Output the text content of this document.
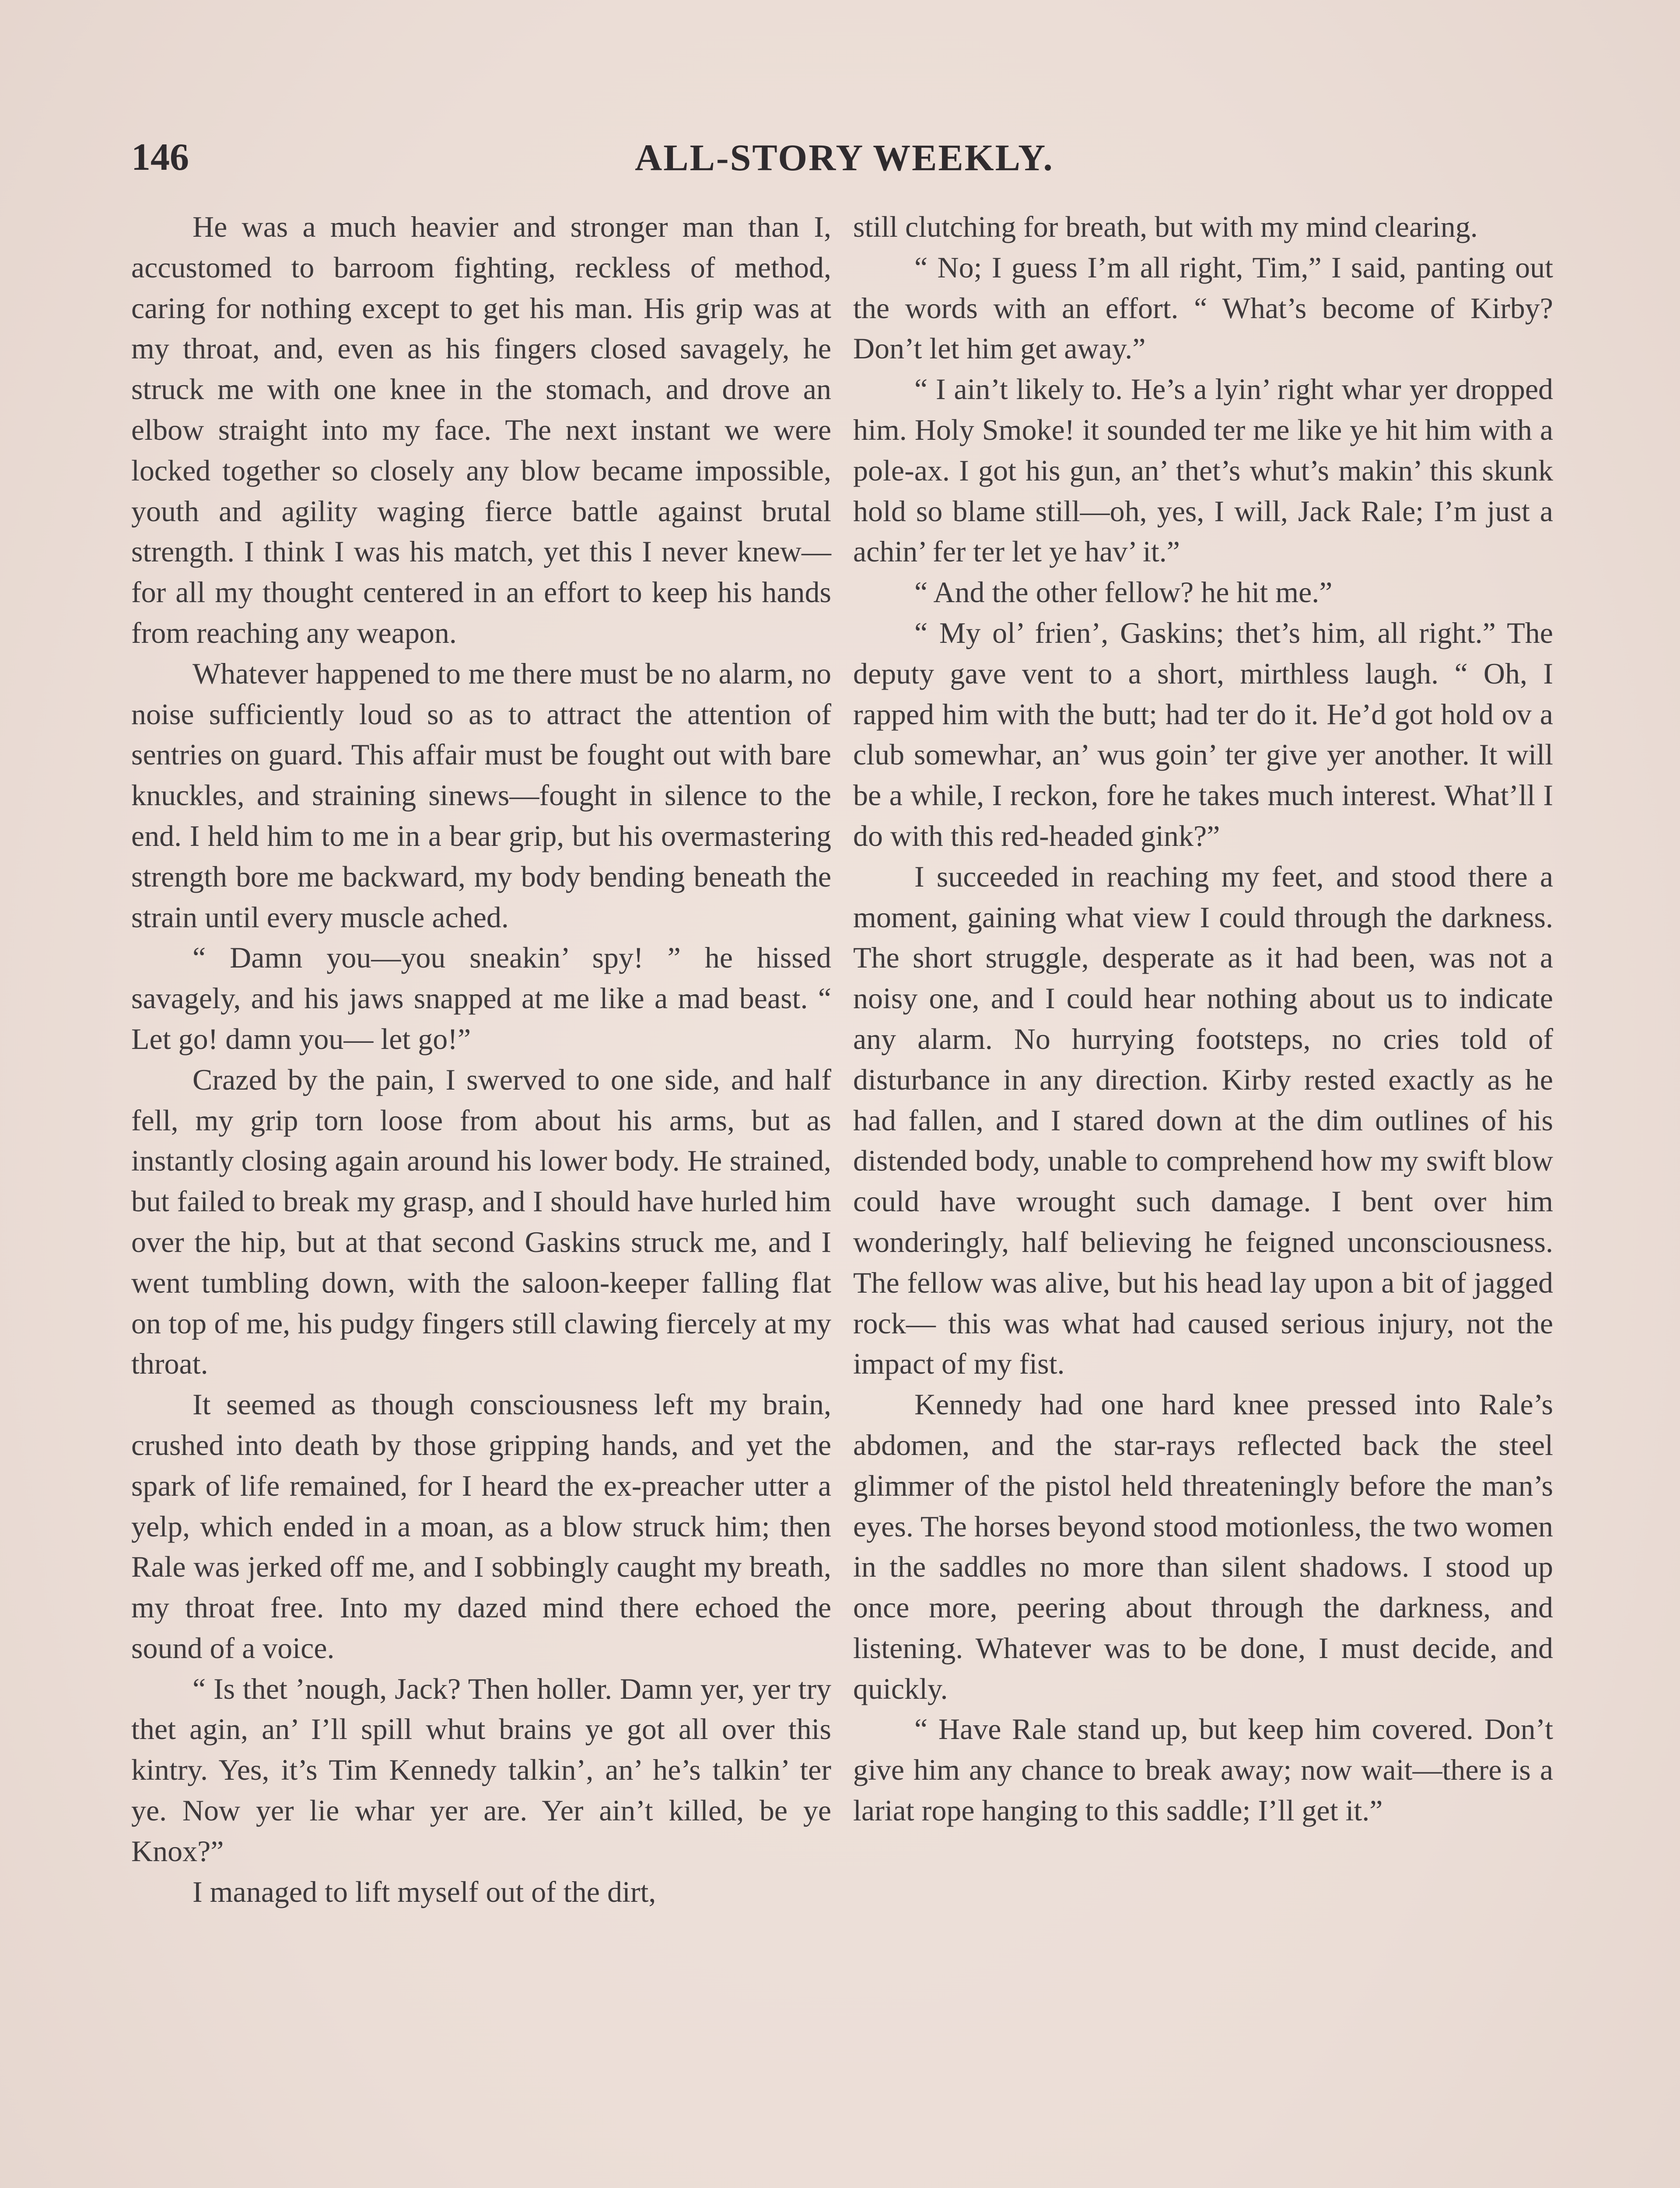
146	ALL-STORY WEEKLY.

He was a much heavier and stronger man than I, accustomed to barroom fighting, reckless of method, caring for nothing except to get his man. His grip was at my throat, and, even as his fingers closed savagely, he struck me with one knee in the stomach, and drove an elbow straight into my face. The next instant we were locked together so closely any blow became impossible, youth and agility waging fierce battle against brutal strength. I think I was his match, yet this I never knew—for all my thought centered in an effort to keep his hands from reaching any weapon.

Whatever happened to me there must be no alarm, no noise sufficiently loud so as to attract the attention of sentries on guard. This affair must be fought out with bare knuckles, and straining sinews—fought in silence to the end. I held him to me in a bear grip, but his overmastering strength bore me backward, my body bending beneath the strain until every muscle ached.

“ Damn you—you sneakin’ spy! ” he hissed savagely, and his jaws snapped at me like a mad beast. “ Let go! damn you— let go!”

Crazed by the pain, I swerved to one side, and half fell, my grip torn loose from about his arms, but as instantly closing again around his lower body. He strained, but failed to break my grasp, and I should have hurled him over the hip, but at that second Gaskins struck me, and I went tumbling down, with the saloon-keeper falling flat on top of me, his pudgy fingers still clawing fiercely at my throat.

It seemed as though consciousness left my brain, crushed into death by those gripping hands, and yet the spark of life remained, for I heard the ex-preacher utter a yelp, which ended in a moan, as a blow struck him; then Rale was jerked off me, and I sobbingly caught my breath, my throat free. Into my dazed mind there echoed the sound of a voice.

“ Is thet ’nough, Jack? Then holler. Damn yer, yer try thet agin, an’ I’ll spill whut brains ye got all over this kintry. Yes, it’s Tim Kennedy talkin’, an’ he’s talkin’ ter ye. Now yer lie whar yer are. Yer ain’t killed, be ye Knox?”

I managed to lift myself out of the dirt,

still clutching for breath, but with my mind clearing.

“ No; I guess I’m all right, Tim,” I said, panting out the words with an effort. “ What’s become of Kirby? Don’t let him get away.”

“ I ain’t likely to. He’s a lyin’ right whar yer dropped him. Holy Smoke! it sounded ter me like ye hit him with a pole-ax. I got his gun, an’ thet’s whut’s makin’ this skunk hold so blame still—oh, yes, I will, Jack Rale; I’m just a achin’ fer ter let ye hav’ it.”

“ And the other fellow? he hit me.”

“ My ol’ frien’, Gaskins; thet’s him, all right.” The deputy gave vent to a short, mirthless laugh. “ Oh, I rapped him with the butt; had ter do it. He’d got hold ov a club somewhar, an’ wus goin’ ter give yer another. It will be a while, I reckon, fore he takes much interest. What’ll I do with this red-headed gink?”

I succeeded in reaching my feet, and stood there a moment, gaining what view I could through the darkness. The short struggle, desperate as it had been, was not a noisy one, and I could hear nothing about us to indicate any alarm. No hurrying footsteps, no cries told of disturbance in any direction. Kirby rested exactly as he had fallen, and I stared down at the dim outlines of his distended body, unable to comprehend how my swift blow could have wrought such damage. I bent over him wonderingly, half believing he feigned unconsciousness. The fellow was alive, but his head lay upon a bit of jagged rock— this was what had caused serious injury, not the impact of my fist.

Kennedy had one hard knee pressed into Rale’s abdomen, and the star-rays reflected back the steel glimmer of the pistol held threateningly before the man’s eyes. The horses beyond stood motionless, the two women in the saddles no more than silent shadows. I stood up once more, peering about through the darkness, and listening. Whatever was to be done, I must decide, and quickly.

“ Have Rale stand up, but keep him covered. Don’t give him any chance to break away; now wait—there is a lariat rope hanging to this saddle; I’ll get it.”
